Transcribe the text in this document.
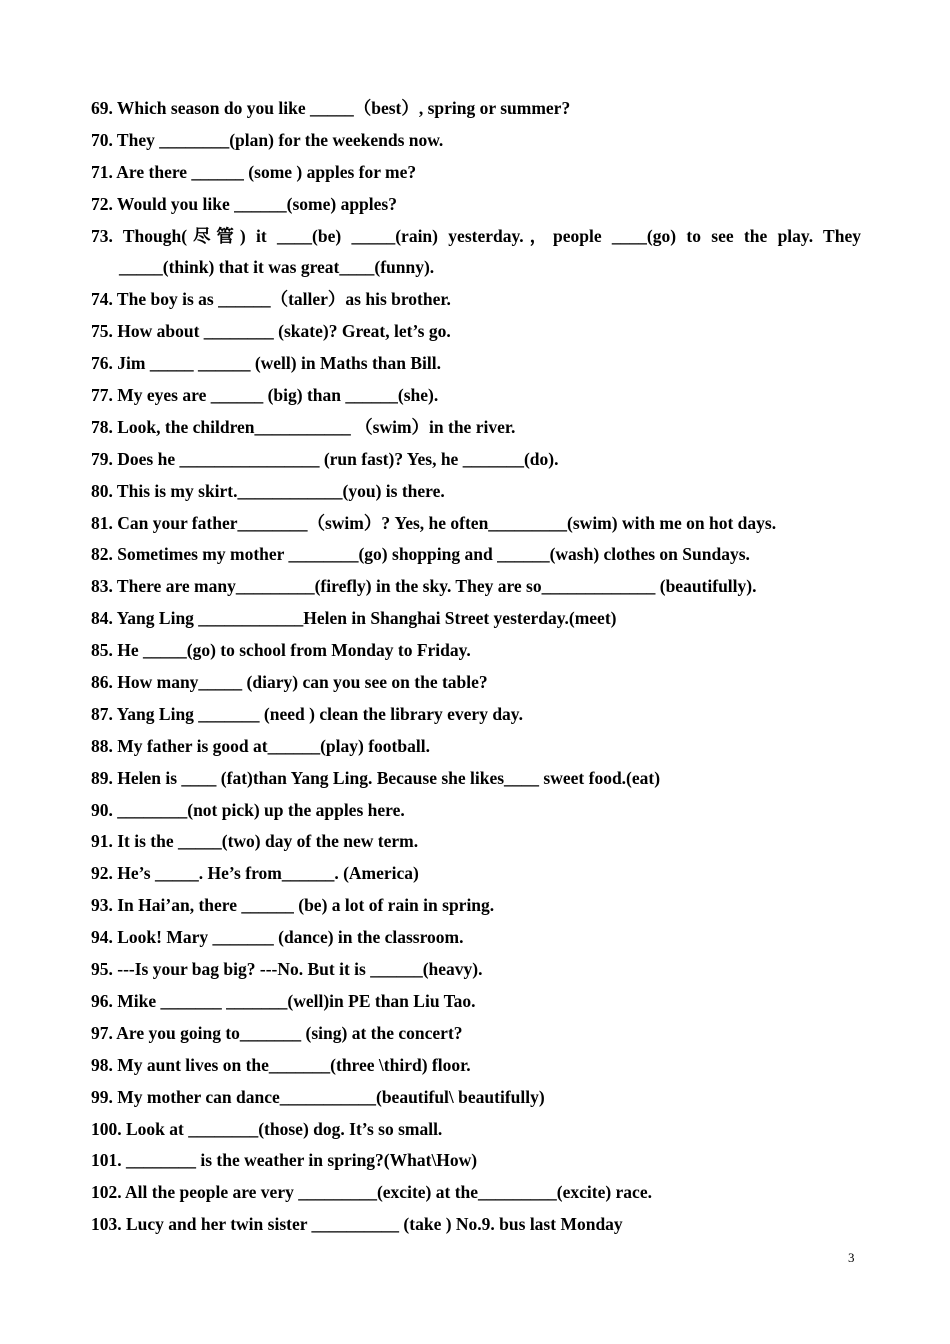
69. Which season do you like _____（best）, spring or summer?
70. They ________(plan) for the weekends now.
71. Are there ______ (some ) apples for me?
72. Would you like ______(some) apples?
73. Though(尽管) it ____(be) _____(rain) yesterday.，people ____(go) to see the play. They
_____(think) that it was great____(funny).
74. The boy is as ______（taller）as his brother.
75. How about ________ (skate)? Great, let’s go.
76. Jim _____ ______ (well) in Maths than Bill.
77. My eyes are ______ (big) than ______(she).
78. Look, the children___________ （swim）in the river.
79. Does he ________________ (run fast)? Yes, he _______(do).
80. This is my skirt.____________(you) is there.
81. Can your father________（swim）? Yes, he often_________(swim) with me on hot days.
82. Sometimes my mother ________(go) shopping and ______(wash) clothes on Sundays.
83. There are many_________(firefly) in the sky. They are so_____________ (beautifully).
84. Yang Ling ____________Helen in Shanghai Street yesterday.(meet)
85. He _____(go) to school from Monday to Friday.
86. How many_____ (diary) can you see on the table?
87. Yang Ling _______ (need ) clean the library every day.
88. My father is good at______(play) football.
89. Helen is ____ (fat)than Yang Ling. Because she likes____ sweet food.(eat)
90. ________(not pick) up the apples here.
91. It is the _____(two) day of the new term.
92. He’s _____. He’s from______. (America)
93. In Hai’an, there ______ (be) a lot of rain in spring.
94. Look! Mary _______ (dance) in the classroom.
95. ---Is your bag big? ---No. But it is ______(heavy).
96. Mike _______ _______(well)in PE than Liu Tao.
97. Are you going to_______ (sing) at the concert?
98. My aunt lives on the_______(three \third) floor.
99. My mother can dance___________(beautiful\ beautifully)
100. Look at ________(those) dog. It’s so small.
101. ________ is the weather in spring?(What\How)
102. All the people are very _________(excite) at the_________(excite) race.
103. Lucy and her twin sister __________ (take ) No.9. bus last Monday
3
